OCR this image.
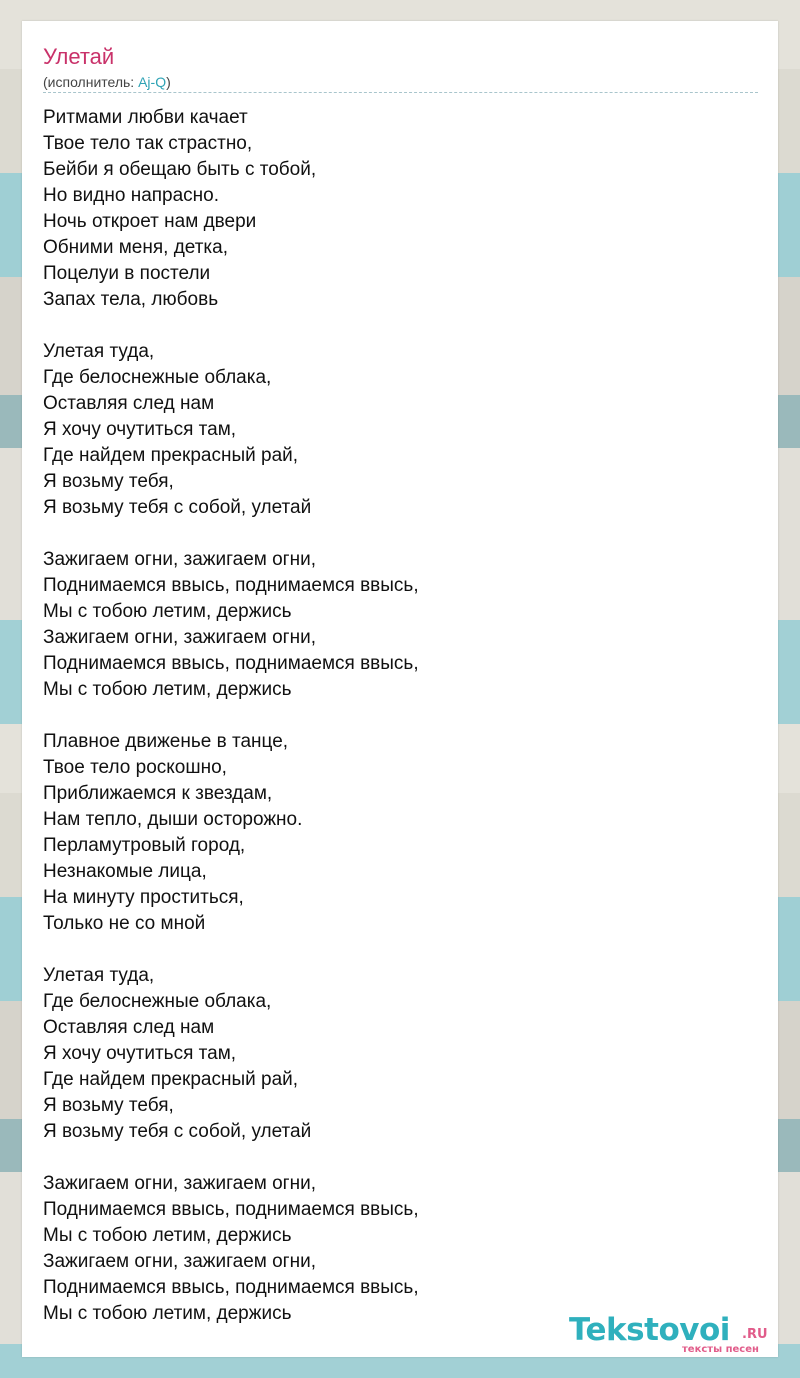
Улетай
(исполнитель: Aj-Q)
Ритмами любви качает
Твое тело так страстно,
Бейби я обещаю быть с тобой,
Но видно напрасно.
Ночь откроет нам двери
Обними меня, детка,
Поцелуи в постели
Запах тела, любовь
Улетая туда,
Где белоснежные облака,
Оставляя след нам
Я хочу очутиться там,
Где найдем прекрасный рай,
Я возьму тебя,
Я возьму тебя с собой, улетай
Зажигаем огни, зажигаем огни,
Поднимаемся ввысь, поднимаемся ввысь,
Мы с тобою летим, держись
Зажигаем огни, зажигаем огни,
Поднимаемся ввысь, поднимаемся ввысь,
Мы с тобою летим, держись
Плавное движенье в танце,
Твое тело роскошно,
Приближаемся к звездам,
Нам тепло, дыши осторожно.
Перламутровый город,
Незнакомые лица,
На минуту проститься,
Только не со мной
Улетая туда,
Где белоснежные облака,
Оставляя след нам
Я хочу очутиться там,
Где найдем прекрасный рай,
Я возьму тебя,
Я возьму тебя с собой, улетай
Зажигаем огни, зажигаем огни,
Поднимаемся ввысь, поднимаемся ввысь,
Мы с тобою летим, держись
Зажигаем огни, зажигаем огни,
Поднимаемся ввысь, поднимаемся ввысь,
Мы с тобою летим, держись	Tekstovoi .RU
тексты песен
